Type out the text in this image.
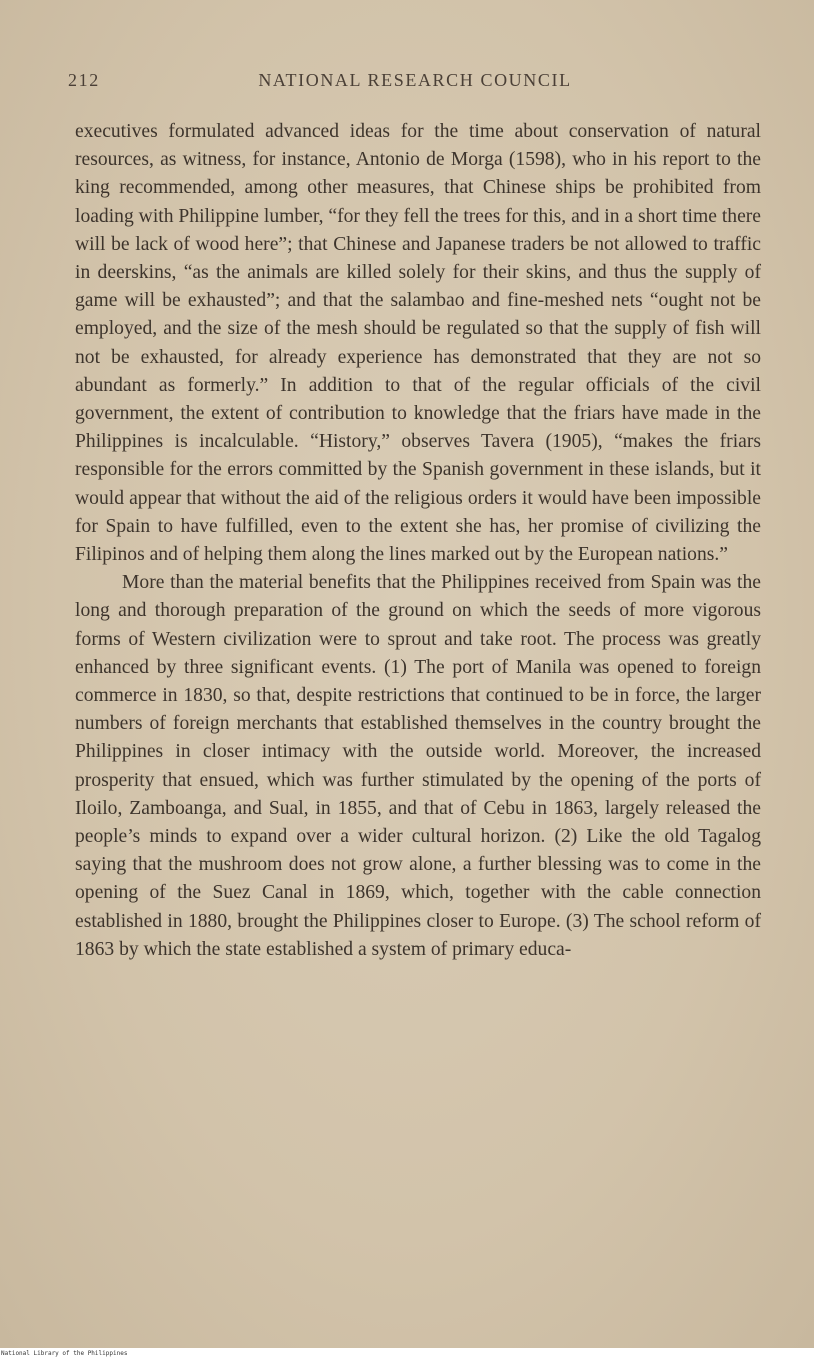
212	NATIONAL RESEARCH COUNCIL

executives formulated advanced ideas for the time about conservation of natural resources, as witness, for instance, Antonio de Morga (1598), who in his report to the king recommended, among other measures, that Chinese ships be prohibited from loading with Philippine lumber, “for they fell the trees for this, and in a short time there will be lack of wood here”; that Chinese and Japanese traders be not allowed to traffic in deerskins, “as the animals are killed solely for their skins, and thus the supply of game will be exhausted”; and that the salambao and fine-meshed nets “ought not be employed, and the size of the mesh should be regulated so that the supply of fish will not be exhausted, for already experience has demonstrated that they are not so abundant as formerly.” In addition to that of the regular officials of the civil government, the extent of contribution to knowledge that the friars have made in the Philippines is incalculable. “History,” observes Tavera (1905), “makes the friars responsible for the errors committed by the Spanish government in these islands, but it would appear that without the aid of the religious orders it would have been impossible for Spain to have fulfilled, even to the extent she has, her promise of civilizing the Filipinos and of helping them along the lines marked out by the European nations.”

More than the material benefits that the Philippines received from Spain was the long and thorough preparation of the ground on which the seeds of more vigorous forms of Western civilization were to sprout and take root. The process was greatly enhanced by three significant events. (1) The port of Manila was opened to foreign commerce in 1830, so that, despite restrictions that continued to be in force, the larger numbers of foreign merchants that established themselves in the country brought the Philippines in closer intimacy with the outside world. Moreover, the increased prosperity that ensued, which was further stimulated by the opening of the ports of Iloilo, Zamboanga, and Sual, in 1855, and that of Cebu in 1863, largely released the people’s minds to expand over a wider cultural horizon. (2) Like the old Tagalog saying that the mushroom does not grow alone, a further blessing was to come in the opening of the Suez Canal in 1869, which, together with the cable connection established in 1880, brought the Philippines closer to Europe. (3) The school reform of 1863 by which the state established a system of primary educa-

National Library of the Philippines
